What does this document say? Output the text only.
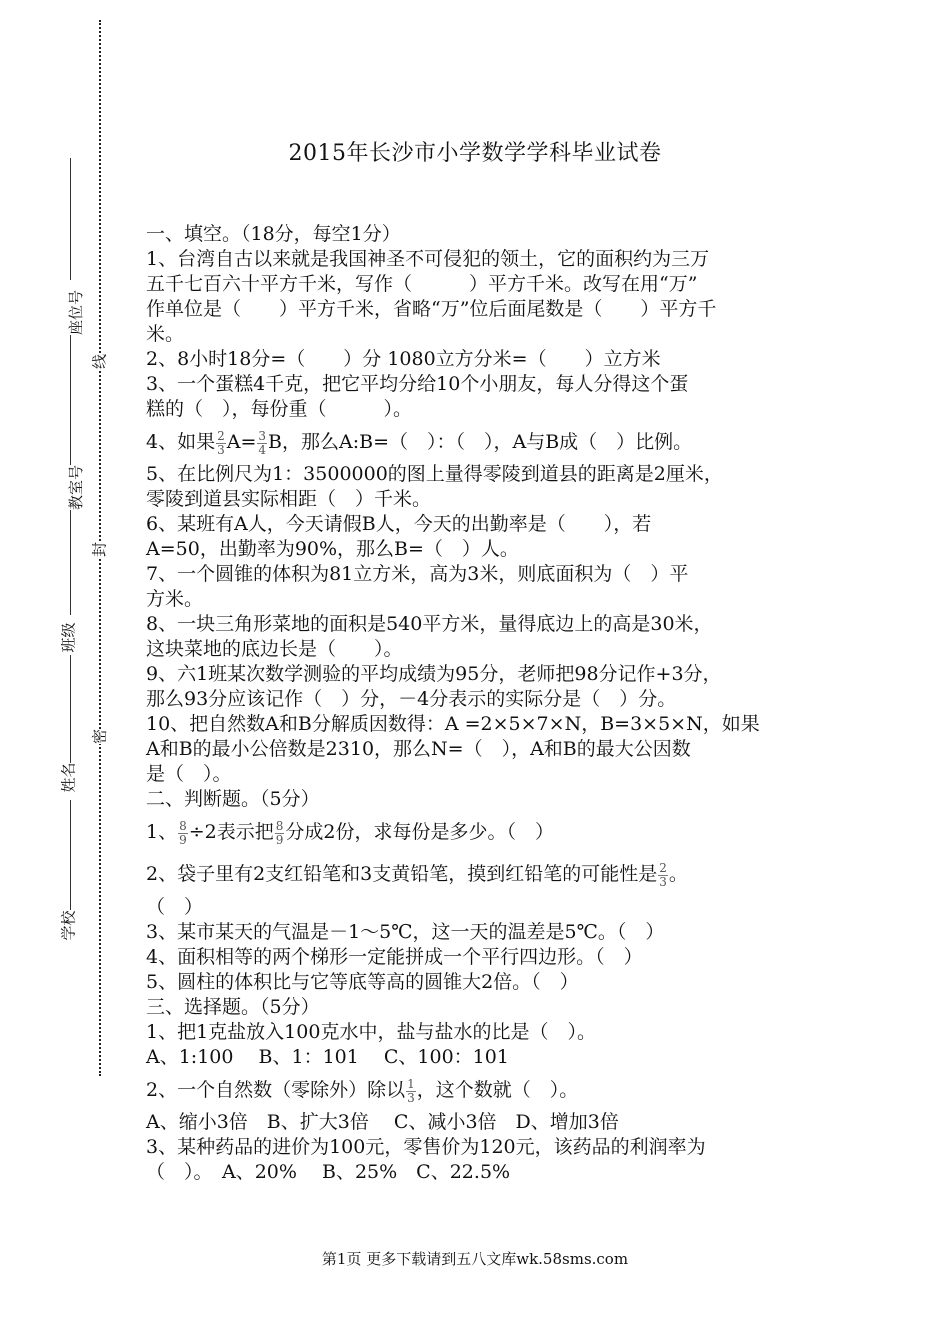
线
封
密
座位号
教室号
班级
姓名
学校
2015年长沙市小学数学学科毕业试卷

一、填空。（18分，每空1分）

1、台湾自古以来就是我国神圣不可侵犯的领土，它的面积约为三万

五千七百六十平方千米，写作（　　　）平方千米。改写在用“万”

作单位是（　　）平方千米，省略“万”位后面尾数是（　　）平方千

米。

2、8小时18分=（　　）分 1080立方分米=（　　）立方米

3、一个蛋糕4千克，把它平均分给10个小朋友，每人分得这个蛋

糕的（　），每份重（　　　）。

4、如果 $\frac{2}{3} A= \frac{3}{4}$ B，那么A:B=（　）：（　），A与B成（　）比例。

5、在比例尺为1：3500000的图上量得零陵到道县的距离是2厘米，

零陵到道县实际相距（　）千米。

6、某班有A人，今天请假B人，今天的出勤率是（　　），若

A=50，出勤率为90%，那么B=（　）人。

7、一个圆锥的体积为81立方米，高为3米，则底面积为（　）平

方米。

8、一块三角形菜地的面积是540平方米，量得底边上的高是30米，

这块菜地的底边长是（　　）。

9、六1班某次数学测验的平均成绩为95分，老师把98分记作+3分，

那么93分应该记作（　）分，－4分表示的实际分是（　）分。

10、把自然数A和B分解质因数得：A =2×5×7×N，B=3×5×N，如果

A和B的最小公倍数是2310，那么N=（　），A和B的最大公因数

是（　）。

二、判断题。（5分）

1、 $\frac{8}{9} \div 2$表示把 $\frac{8}{9}$ 分成2份，求每份是多少。（　）

2、袋子里有2支红铅笔和3支黄铅笔，摸到红铅笔的可能性是 $\frac{2}{3}$ 。

（　）

3、某市某天的气温是－1～5℃，这一天的温差是5℃。（　）

4、面积相等的两个梯形一定能拼成一个平行四边形。（　）

5、圆柱的体积比与它等底等高的圆锥大2倍。（　）

三、选择题。（5分）

1、把1克盐放入100克水中，盐与盐水的比是（　）。

A、1:100　 B、1：101　 C、100：101

2、一个自然数（零除外）除以 $\frac{1}{3}$ ，这个数就（　）。

A、缩小3倍　B、扩大3倍　 C、减小3倍　D、增加3倍

3、某种药品的进价为100元，零售价为120元，该药品的利润率为

（　）。　A、20%　 B、25%　C、22.5%

第1页 更多下载请到五八文库wk.58sms.com
